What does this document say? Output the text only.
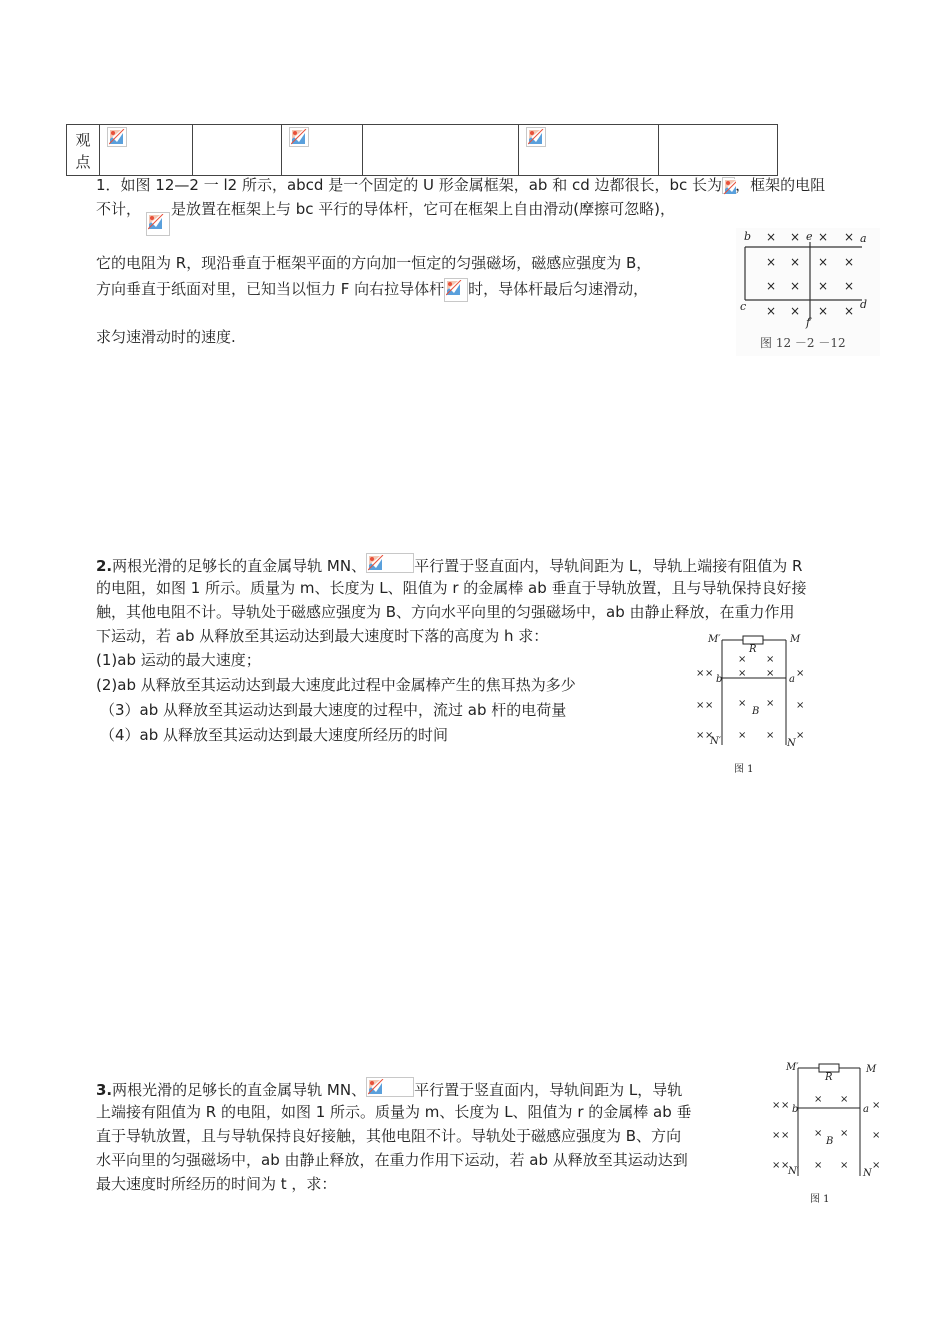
观
点

1．如图 12—2 一 l2 所示，abcd 是一个固定的 U 形金属框架，ab 和 cd 边都很长，bc 长为 ，框架的电阻
不计， 是放置在框架上与 bc 平行的导体杆，它可在框架上自由滑动(摩擦可忽略)，
它的电阻为 R，现沿垂直于框架平面的方向加一恒定的匀强磁场，磁感应强度为 B，
方向垂直于纸面对里，已知当以恒力 F 向右拉导体杆 时，导体杆最后匀速滑动，
求匀速滑动时的速度.
b	e	a
c
f
d
× × × ×
× × × ×
× × × ×
× × × ×
图 12 －2 －12
2.两根光滑的足够长的直金属导轨 MN、	平行置于竖直面内，导轨间距为 L，导轨上端接有阻值为 R
的电阻，如图 1 所示。质量为 m、长度为 L、阻值为 r 的金属棒 ab 垂直于导轨放置，且与导轨保持良好接
触，其他电阻不计。导轨处于磁感应强度为 B、方向水平向里的匀强磁场中，ab 由静止释放，在重力作用
下运动，若 ab 从释放至其运动达到最大速度时下落的高度为 h 求：
(1)ab 运动的最大速度；
(2)ab 从释放至其运动达到最大速度此过程中金属棒产生的焦耳热为多少
（3）ab 从释放至其运动达到最大速度的过程中，流过 ab 杆的电荷量
（4）ab 从释放至其运动达到最大速度所经历的时间
M′	M
R
b	a
B
N′	N
× ×
× × × × ×
× × × × ×
× × × × ×
图 1
3.两根光滑的足够长的直金属导轨 MN、	平行置于竖直面内，导轨间距为 L，导轨
上端接有阻值为 R 的电阻，如图 1 所示。质量为 m、长度为 L、阻值为 r 的金属棒 ab 垂
直于导轨放置，且与导轨保持良好接触，其他电阻不计。导轨处于磁感应强度为 B、方向
水平向里的匀强磁场中，ab 由静止释放，在重力作用下运动，若 ab 从释放至其运动达到
最大速度时所经历的时间为 t ，求：
M′	M
R
b	a
B
N′	N
× ×
× ×	×
× × × × ×
× × × × ×
图 1
